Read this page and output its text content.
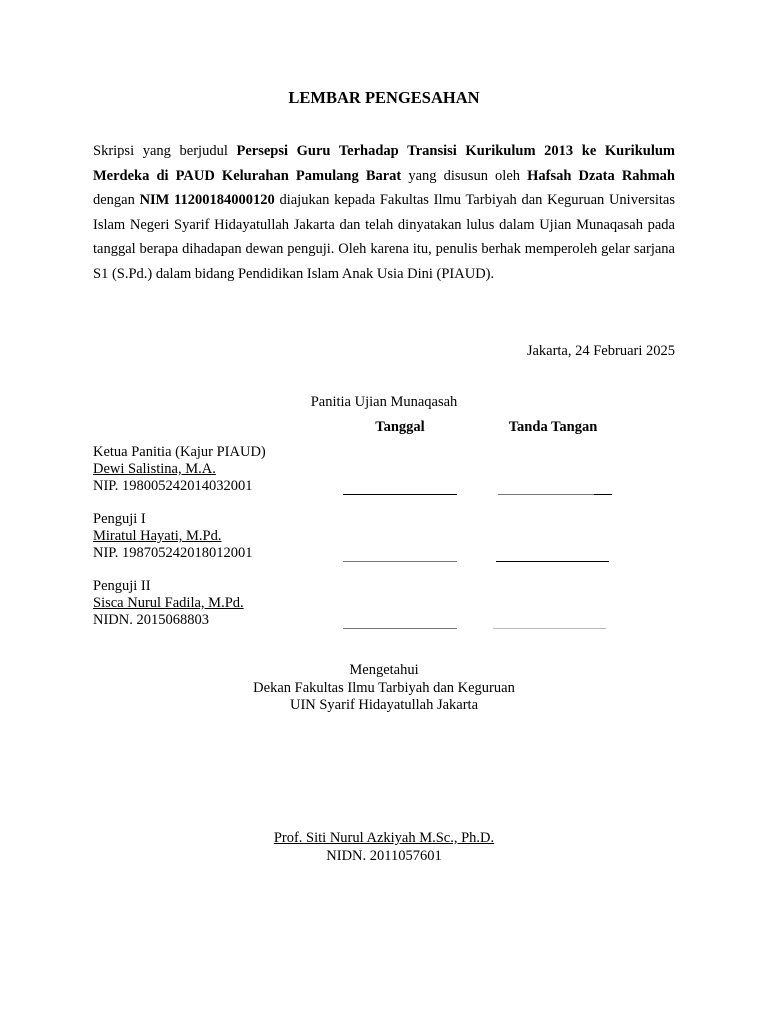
LEMBAR PENGESAHAN
Skripsi yang berjudul Persepsi Guru Terhadap Transisi Kurikulum 2013 ke Kurikulum Merdeka di PAUD Kelurahan Pamulang Barat yang disusun oleh Hafsah Dzata Rahmah dengan NIM 11200184000120 diajukan kepada Fakultas Ilmu Tarbiyah dan Keguruan Universitas Islam Negeri Syarif Hidayatullah Jakarta dan telah dinyatakan lulus dalam Ujian Munaqasah pada tanggal berapa dihadapan dewan penguji. Oleh karena itu, penulis berhak memperoleh gelar sarjana S1 (S.Pd.) dalam bidang Pendidikan Islam Anak Usia Dini (PIAUD).
Jakarta, 24 Februari 2025
Panitia Ujian Munaqasah
Tanggal	Tanda Tangan
Ketua Panitia (Kajur PIAUD)
Dewi Salistina, M.A.
NIP. 198005242014032001
Penguji I
Miratul Hayati, M.Pd.
NIP. 198705242018012001
Penguji II
Sisca Nurul Fadila, M.Pd.
NIDN. 2015068803
Mengetahui
Dekan Fakultas Ilmu Tarbiyah dan Keguruan
UIN Syarif Hidayatullah Jakarta
Prof. Siti Nurul Azkiyah M.Sc., Ph.D.
NIDN. 2011057601
